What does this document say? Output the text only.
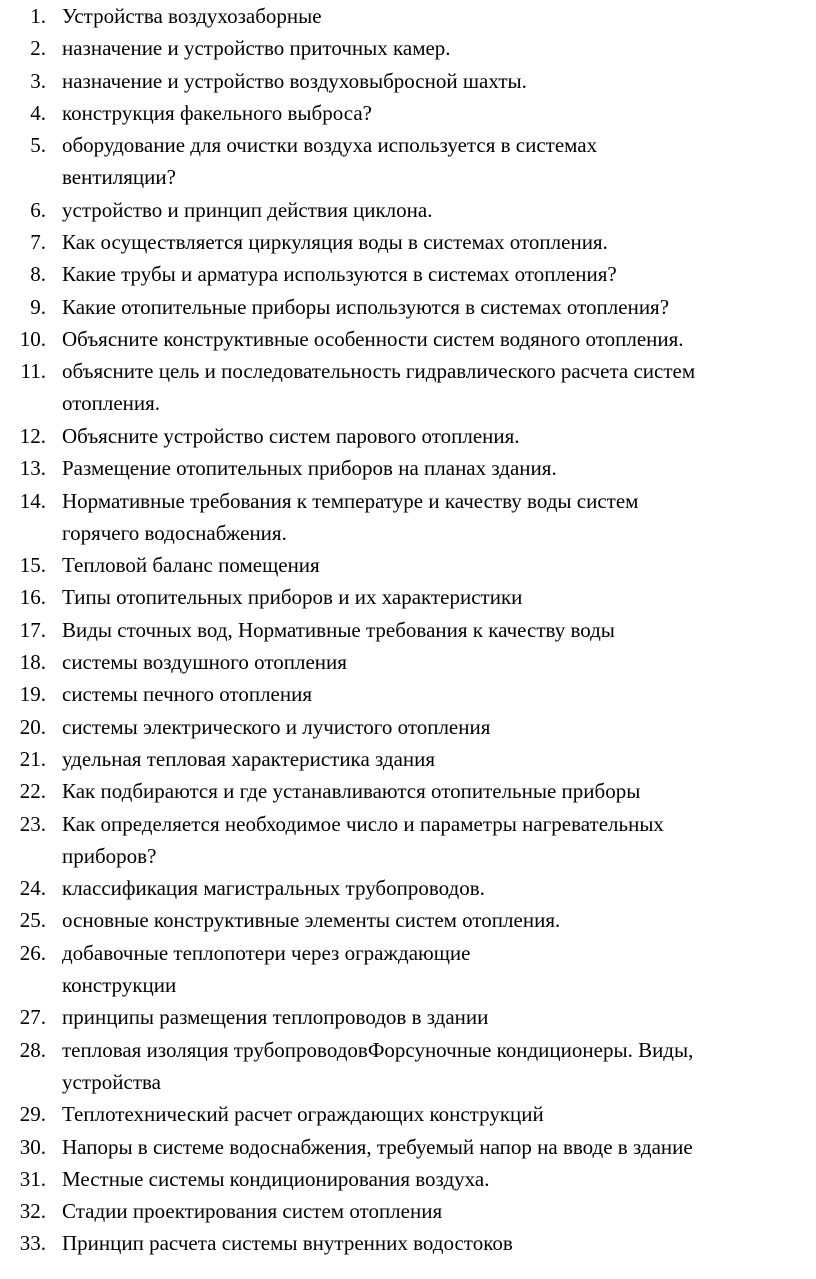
1. Устройства воздухозаборные
2. назначение и устройство приточных камер.
3. назначение и устройство воздуховыбросной шахты.
4. конструкция факельного выброса?
5. оборудование для очистки воздуха используется в системах
вентиляции?
6. устройство и принцип действия циклона.
7. Как осуществляется циркуляция воды в системах отопления.
8. Какие трубы и арматура используются в системах отопления?
9. Какие отопительные приборы используются в системах отопления?
10. Объясните конструктивные особенности систем водяного отопления.
11. объясните цель и последовательность гидравлического расчета систем
отопления.
12. Объясните устройство систем парового отопления.
13. Размещение отопительных приборов на планах здания.
14. Нормативные требования к температуре и качеству воды систем
горячего водоснабжения.
15. Тепловой баланс помещения
16. Типы отопительных приборов и их характеристики
17. Виды сточных вод, Нормативные требования к качеству воды
18. системы воздушного отопления
19. системы печного отопления
20. системы электрического и лучистого отопления
21. удельная тепловая характеристика здания
22. Как подбираются и где устанавливаются отопительные приборы
23. Как определяется необходимое число и параметры нагревательных
приборов?
24. классификация магистральных трубопроводов.
25. основные конструктивные элементы систем отопления.
26. добавочные теплопотери через ограждающие
конструкции
27. принципы размещения теплопроводов в здании
28. тепловая изоляция трубопроводовФорсуночные кондиционеры. Виды,
устройства
29. Теплотехнический расчет ограждающих конструкций
30. Напоры в системе водоснабжения, требуемый напор на вводе в здание
31. Местные системы кондиционирования воздуха.
32. Стадии проектирования систем отопления
33. Принцип расчета системы внутренних водостоков
